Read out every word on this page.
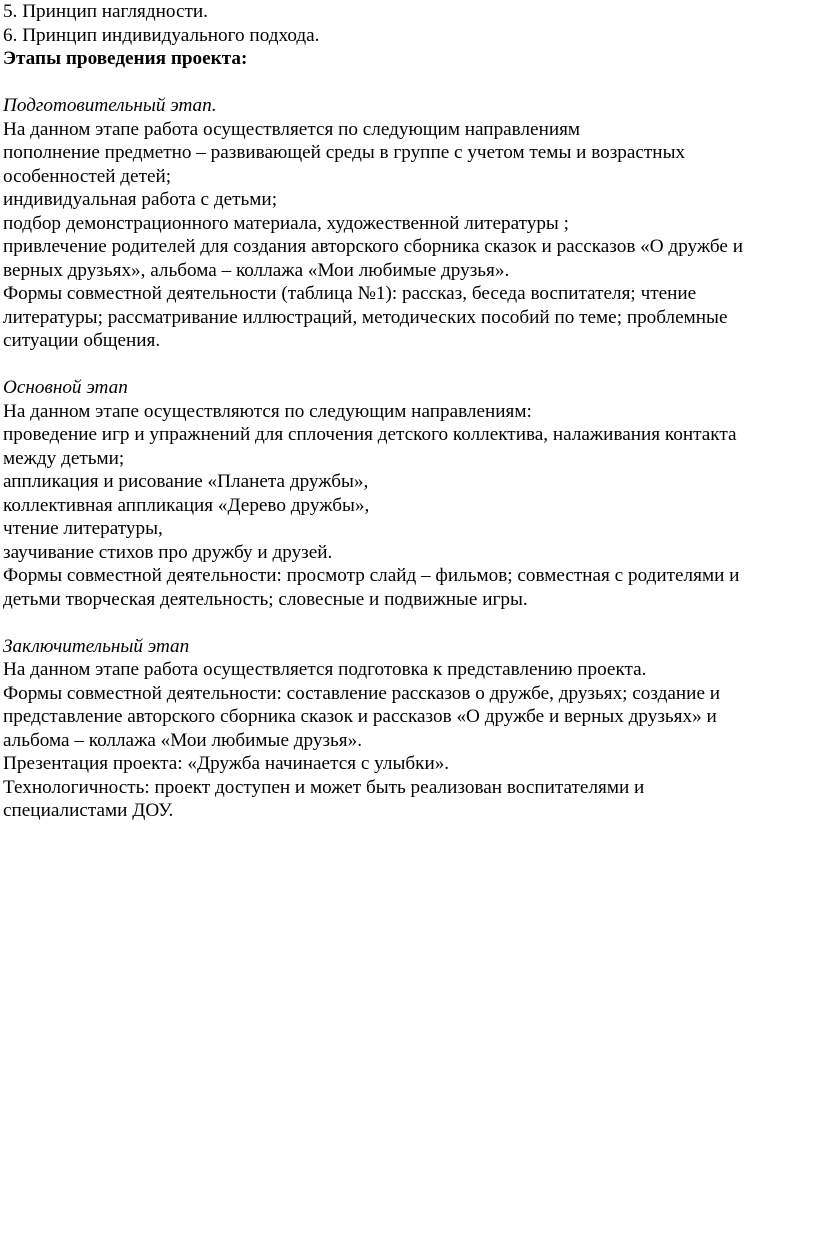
5. Принцип наглядности.
6. Принцип индивидуального подхода.
Этапы проведения проекта:
Подготовительный этап.
На данном этапе работа осуществляется по следующим направлениям
пополнение предметно – развивающей среды в группе с учетом темы и возрастных
особенностей детей;
индивидуальная работа с детьми;
подбор демонстрационного материала, художественной литературы ;
привлечение родителей для создания авторского сборника сказок и рассказов «О дружбе и
верных друзьях», альбома – коллажа «Мои любимые друзья».
Формы совместной деятельности (таблица №1): рассказ, беседа воспитателя; чтение
литературы; рассматривание иллюстраций, методических пособий по теме; проблемные
ситуации общения.
Основной этап
На данном этапе осуществляются по следующим направлениям:
проведение игр и упражнений для сплочения детского коллектива, налаживания контакта
между детьми;
аппликация и рисование «Планета дружбы»,
коллективная аппликация «Дерево дружбы»,
чтение литературы,
заучивание стихов про дружбу и друзей.
Формы совместной деятельности: просмотр слайд – фильмов; совместная с родителями и
детьми творческая деятельность; словесные и подвижные игры.
Заключительный этап
На данном этапе работа осуществляется подготовка к представлению проекта.
Формы совместной деятельности: составление рассказов о дружбе, друзьях; создание и
представление авторского сборника сказок и рассказов «О дружбе и верных друзьях» и
альбома – коллажа «Мои любимые друзья».
Презентация проекта: «Дружба начинается с улыбки».
Технологичность: проект доступен и может быть реализован воспитателями и
специалистами ДОУ.
